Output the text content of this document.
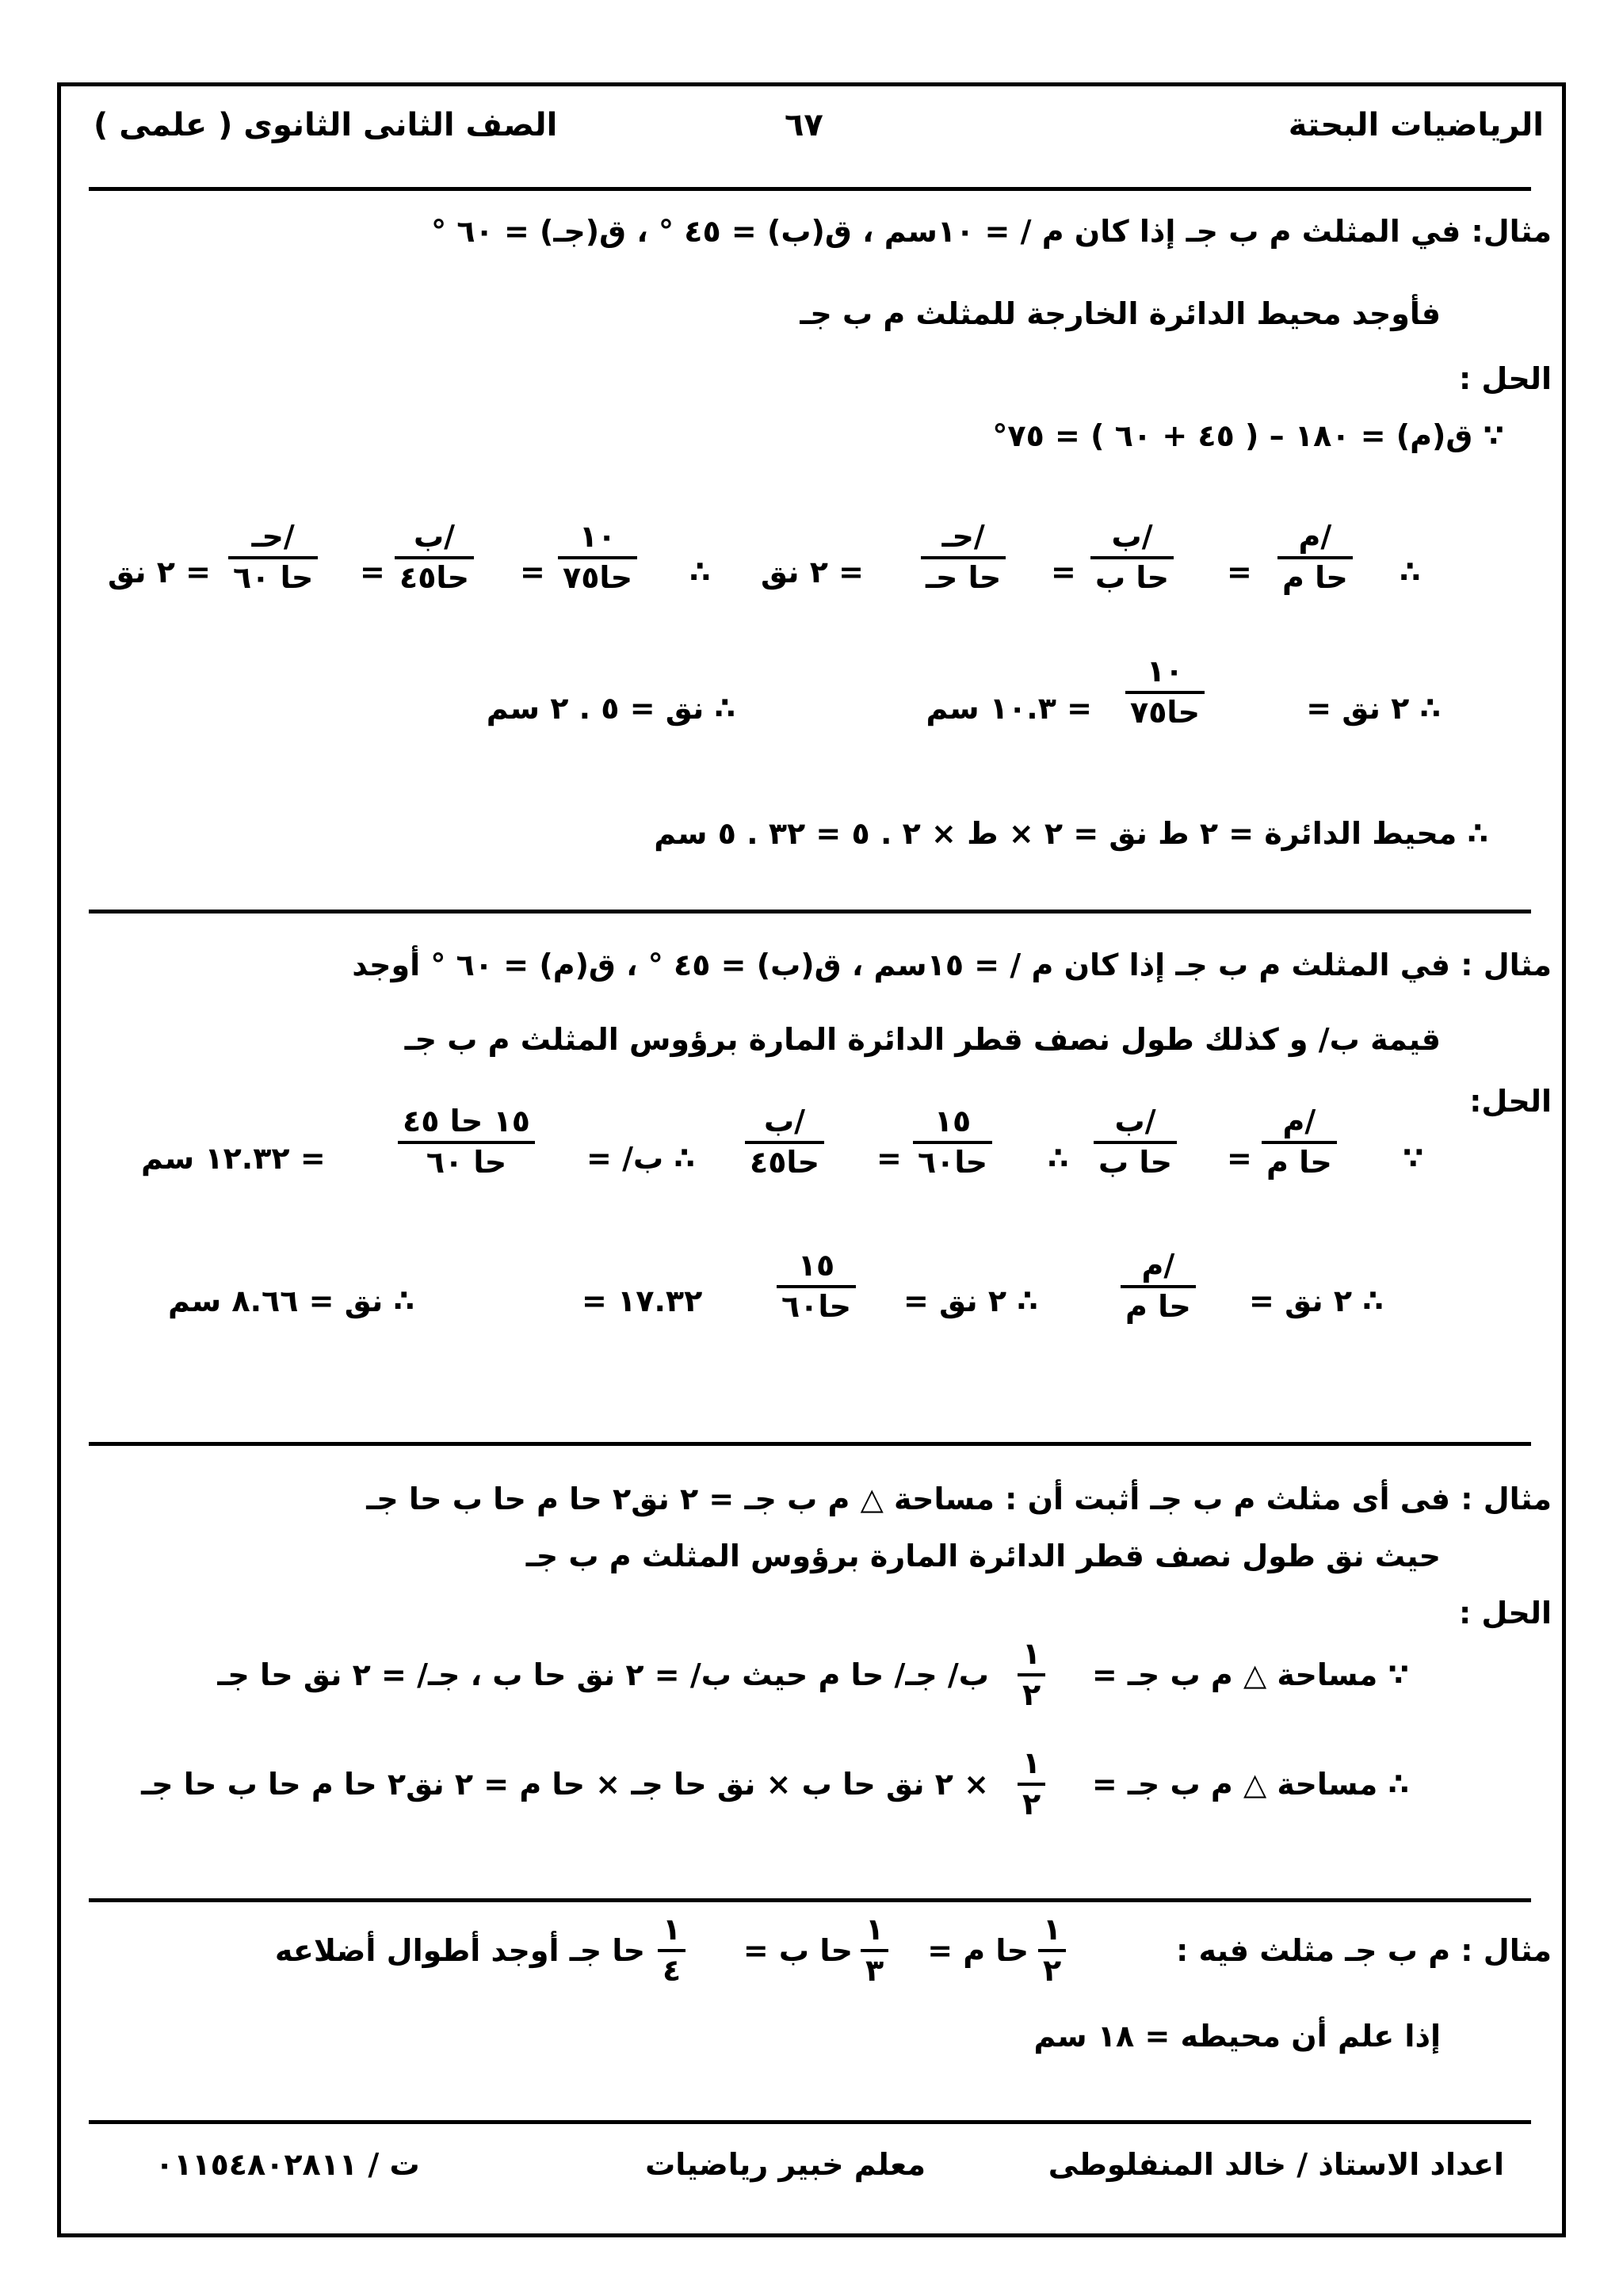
الرياضيات البحتة
٦٧
الصف الثانى الثانوى ( علمى )
مثال: في المثلث ﻡ ب جـ إذا كان ﻡ / = ١٠سم ، ق(ب) = ٤٥ ° ، ق(جـ) = ٦٠ °
فأوجد محيط الدائرة الخارجة للمثلث ﻡ ب جـ
الحل :
∵ ق(ﻡ) = ١٨٠ – ( ٤٥ + ٦٠ ) = ٧٥°
∴
ﻡ/
حا ﻡ
=
ب/
حا ب
=
حـ/
حا حـ
= ٢ نق
∴
١٠
حا٧٥
=
ب/
حا٤٥
=
حـ/
حا ٦٠
= ٢ نق
∴ ٢ نق =
١٠
حا٧٥
= ١٠.٣ سم
∴ نق = ٥ . ٢ سم
∴ محيط الدائرة = ٢ ط نق = ٢ × ط × ٢ . ٥ = ٣٢ . ٥ سم
مثال : في المثلث ﻡ ب جـ إذا كان ﻡ / = ١٥سم ، ق(ب) = ٤٥ ° ، ق(ﻡ) = ٦٠ ° أوجد
قيمة ب/ و كذلك طول نصف قطر الدائرة المارة برؤوس المثلث ﻡ ب جـ
الحل:
∵
ﻡ/
حا ﻡ
=
ب/
حا ب
∴
١٥
حا٦٠
=
ب/
حا٤٥
∴ ب/ =
١٥ حا ٤٥
حا ٦٠
= ١٢.٣٢ سم
∴ ٢ نق =
ﻡ/
حا ﻡ
∴ ٢ نق =
١٥
حا٦٠
= ١٧.٣٢
∴ نق = ٨.٦٦ سم
مثال : فى أى مثلث ﻡ ب جـ أثبت أن : مساحة △ ﻡ ب جـ = ٢ نق٢ حا ﻡ حا ب حا جـ
حيث نق طول نصف قطر الدائرة المارة برؤوس المثلث ﻡ ب جـ
الحل :
∵ مساحة △ ﻡ ب جـ =
١
٢
ب/ جـ/ حا ﻡ حيث ب/ = ٢ نق حا ب ، جـ/ = ٢ نق حا جـ
∴ مساحة △ ﻡ ب جـ =
١
٢
× ٢ نق حا ب × نق حا جـ × حا ﻡ = ٢ نق٢ حا ﻡ حا ب حا جـ
مثال : ﻡ ب جـ مثلث فيه :
١
٢
حا ﻡ =
١
٣
حا ب =
١
٤
حا جـ أوجد أطوال أضلاعه
إذا علم أن محيطه = ١٨ سم
اعداد الاستاذ / خالد المنفلوطى
معلم خبير رياضيات
ت / ٠١١٥٤٨٠٢٨١١
